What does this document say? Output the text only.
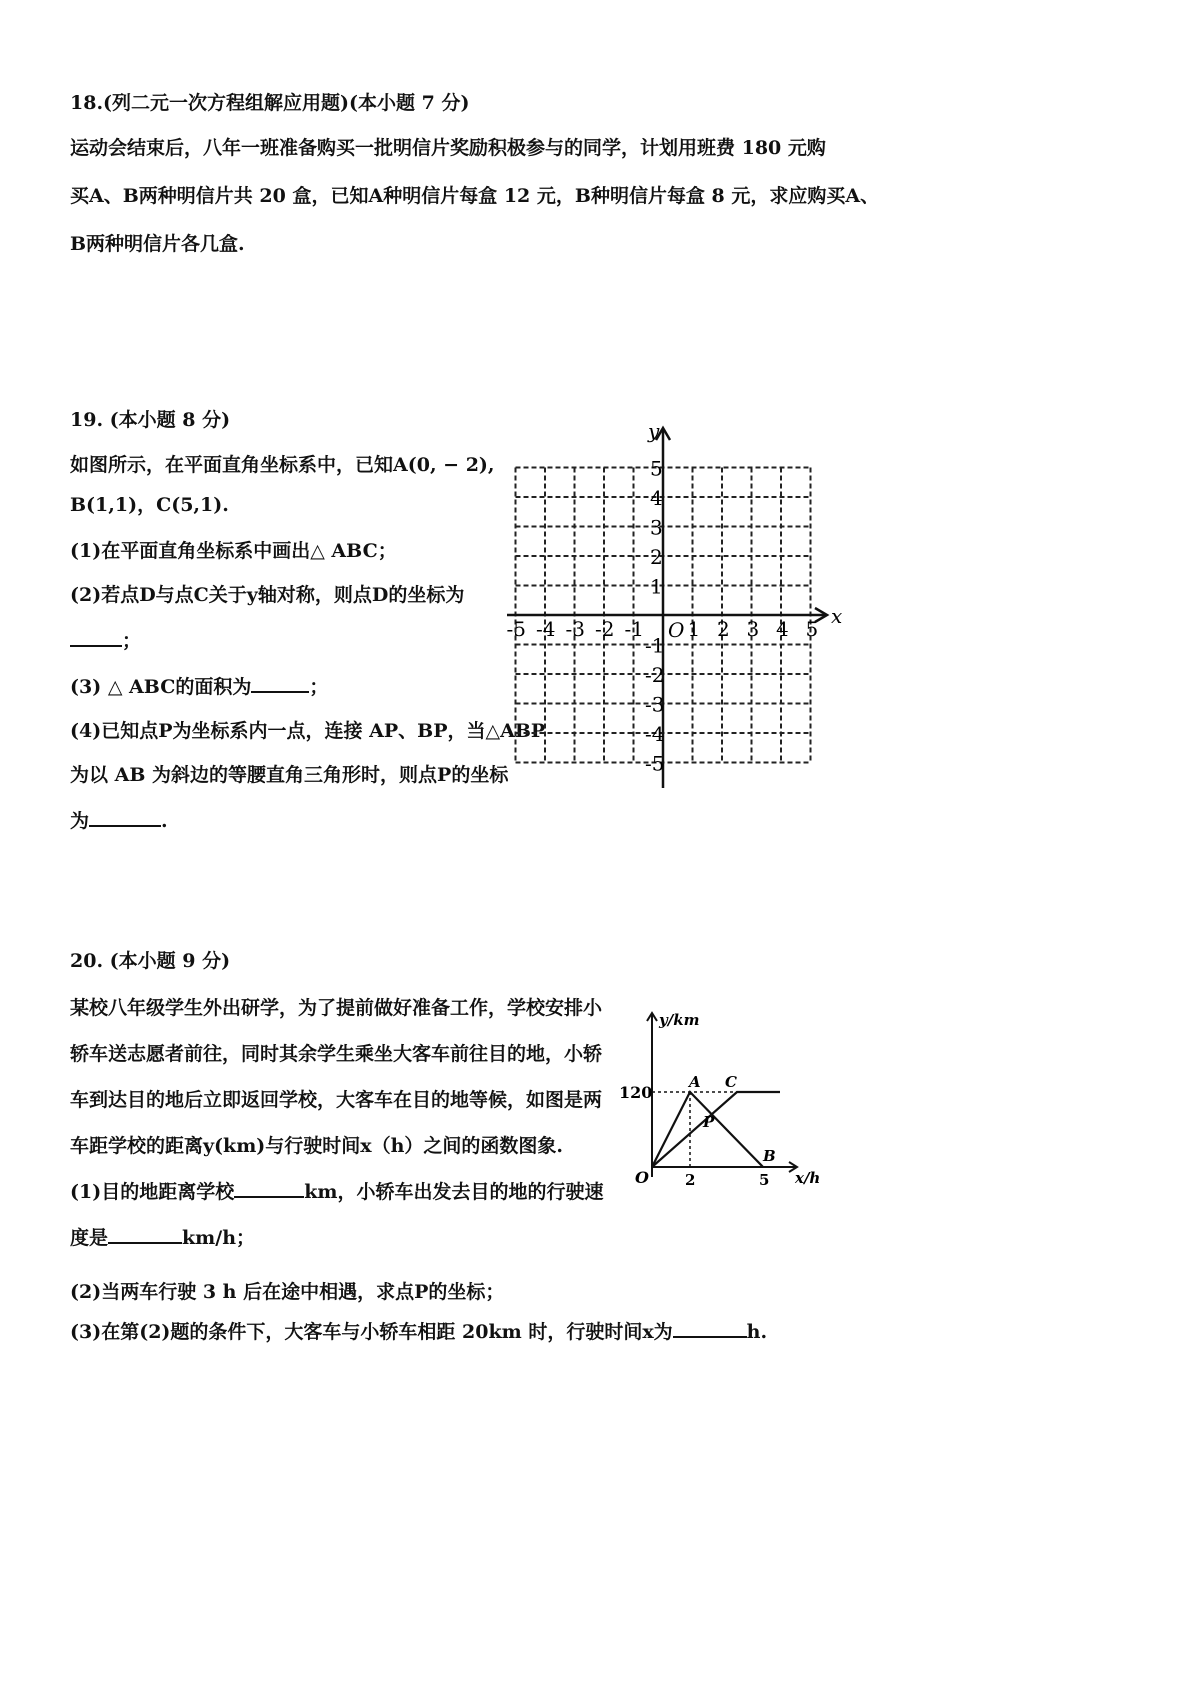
18.(列二元一次方程组解应用题)(本小题 7 分)
运动会结束后，八年一班准备购买一批明信片奖励积极参与的同学，计划用班费 180 元购
买A、B两种明信片共 20 盒，已知A种明信片每盒 12 元，B种明信片每盒 8 元，求应购买A、
B两种明信片各几盒.
19. (本小题 8 分)
如图所示，在平面直角坐标系中，已知A(0, − 2),
B(1,1)，C(5,1).
(1)在平面直角坐标系中画出△ ABC；
(2)若点D与点C关于y轴对称，则点D的坐标为
；
(3) △ ABC的面积为	；
(4)已知点P为坐标系内一点，连接 AP、BP，当△ABP
为以 AB 为斜边的等腰直角三角形时，则点P的坐标
为	.
x
y
O
-5 -4 -3 -2 -1 1 2 3 4 5
5
4
3
2
1
-1
-2
-3
-4
-5
20. (本小题 9 分)
某校八年级学生外出研学，为了提前做好准备工作，学校安排小
轿车送志愿者前往，同时其余学生乘坐大客车前往目的地，小轿
车到达目的地后立即返回学校，大客车在目的地等候，如图是两
车距学校的距离y(km)与行驶时间x（h）之间的函数图象.
(1)目的地距离学校	km，小轿车出发去目的地的行驶速
度是	km/h；
(2)当两车行驶 3 h 后在途中相遇，求点P的坐标；
(3)在第(2)题的条件下，大客车与小轿车相距 20km 时，行驶时间x为	h.
y/km
x/h
120
2	5
O
A C
P
B
